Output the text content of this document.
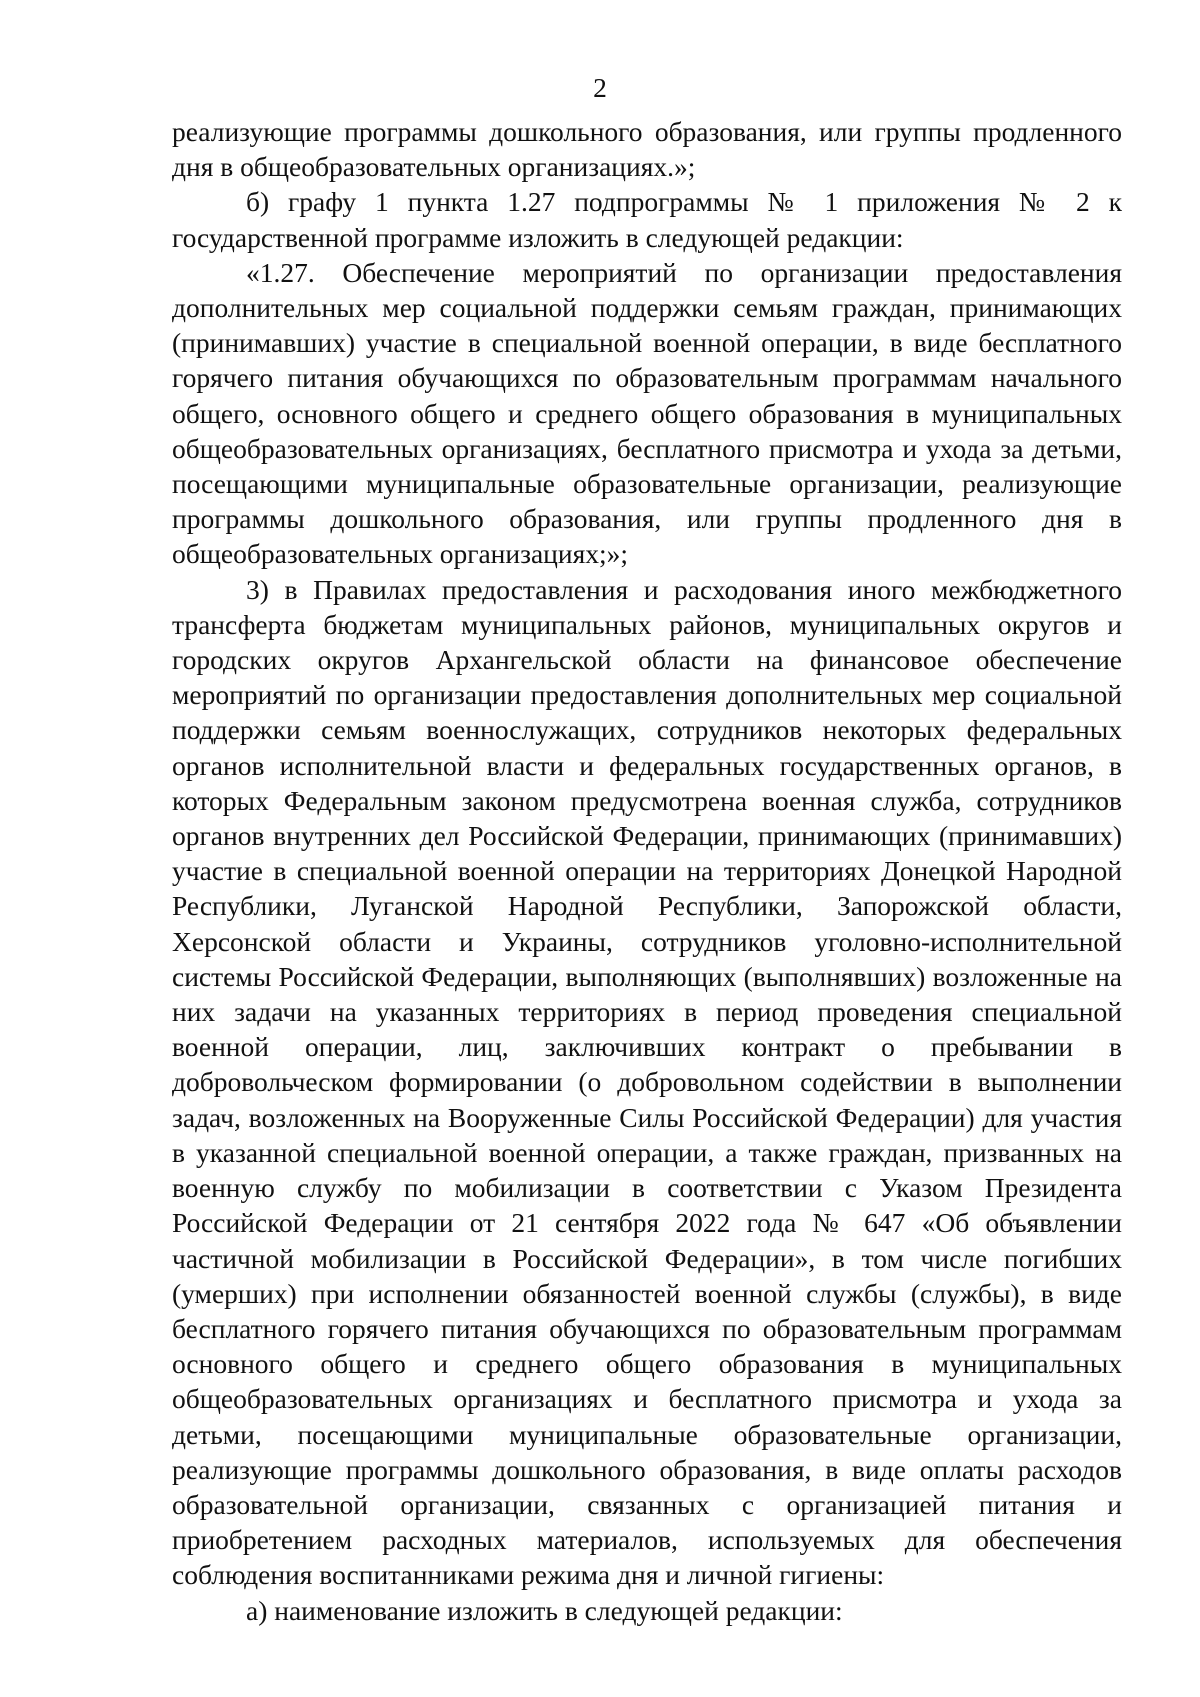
2

реализующие программы дошкольного образования, или группы продленного дня в общеобразовательных организациях.»;

б) графу 1 пункта 1.27 подпрограммы № 1 приложения № 2 к государственной программе изложить в следующей редакции:

«1.27. Обеспечение мероприятий по организации предоставления дополнительных мер социальной поддержки семьям граждан, принимающих (принимавших) участие в специальной военной операции, в виде бесплатного горячего питания обучающихся по образовательным программам начального общего, основного общего и среднего общего образования в муниципальных общеобразовательных организациях, бесплатного присмотра и ухода за детьми, посещающими муниципальные образовательные организации, реализующие программы дошкольного образования, или группы продленного дня в общеобразовательных организациях;»;

3) в Правилах предоставления и расходования иного межбюджетного трансферта бюджетам муниципальных районов, муниципальных округов и городских округов Архангельской области на финансовое обеспечение мероприятий по организации предоставления дополнительных мер социальной поддержки семьям военнослужащих, сотрудников некоторых федеральных органов исполнительной власти и федеральных государственных органов, в которых Федеральным законом предусмотрена военная служба, сотрудников органов внутренних дел Российской Федерации, принимающих (принимавших) участие в специальной военной операции на территориях Донецкой Народной Республики, Луганской Народной Республики, Запорожской области, Херсонской области и Украины, сотрудников уголовно-исполнительной системы Российской Федерации, выполняющих (выполнявших) возложенные на них задачи на указанных территориях в период проведения специальной военной операции, лиц, заключивших контракт о пребывании в добровольческом формировании (о добровольном содействии в выполнении задач, возложенных на Вооруженные Силы Российской Федерации) для участия в указанной специальной военной операции, а также граждан, призванных на военную службу по мобилизации в соответствии с Указом Президента Российской Федерации от 21 сентября 2022 года № 647 «Об объявлении частичной мобилизации в Российской Федерации», в том числе погибших (умерших) при исполнении обязанностей военной службы (службы), в виде бесплатного горячего питания обучающихся по образовательным программам основного общего и среднего общего образования в муниципальных общеобразовательных организациях и бесплатного присмотра и ухода за детьми, посещающими муниципальные образовательные организации, реализующие программы дошкольного образования, в виде оплаты расходов образовательной организации, связанных с организацией питания и приобретением расходных материалов, используемых для обеспечения соблюдения воспитанниками режима дня и личной гигиены:

а) наименование изложить в следующей редакции:
